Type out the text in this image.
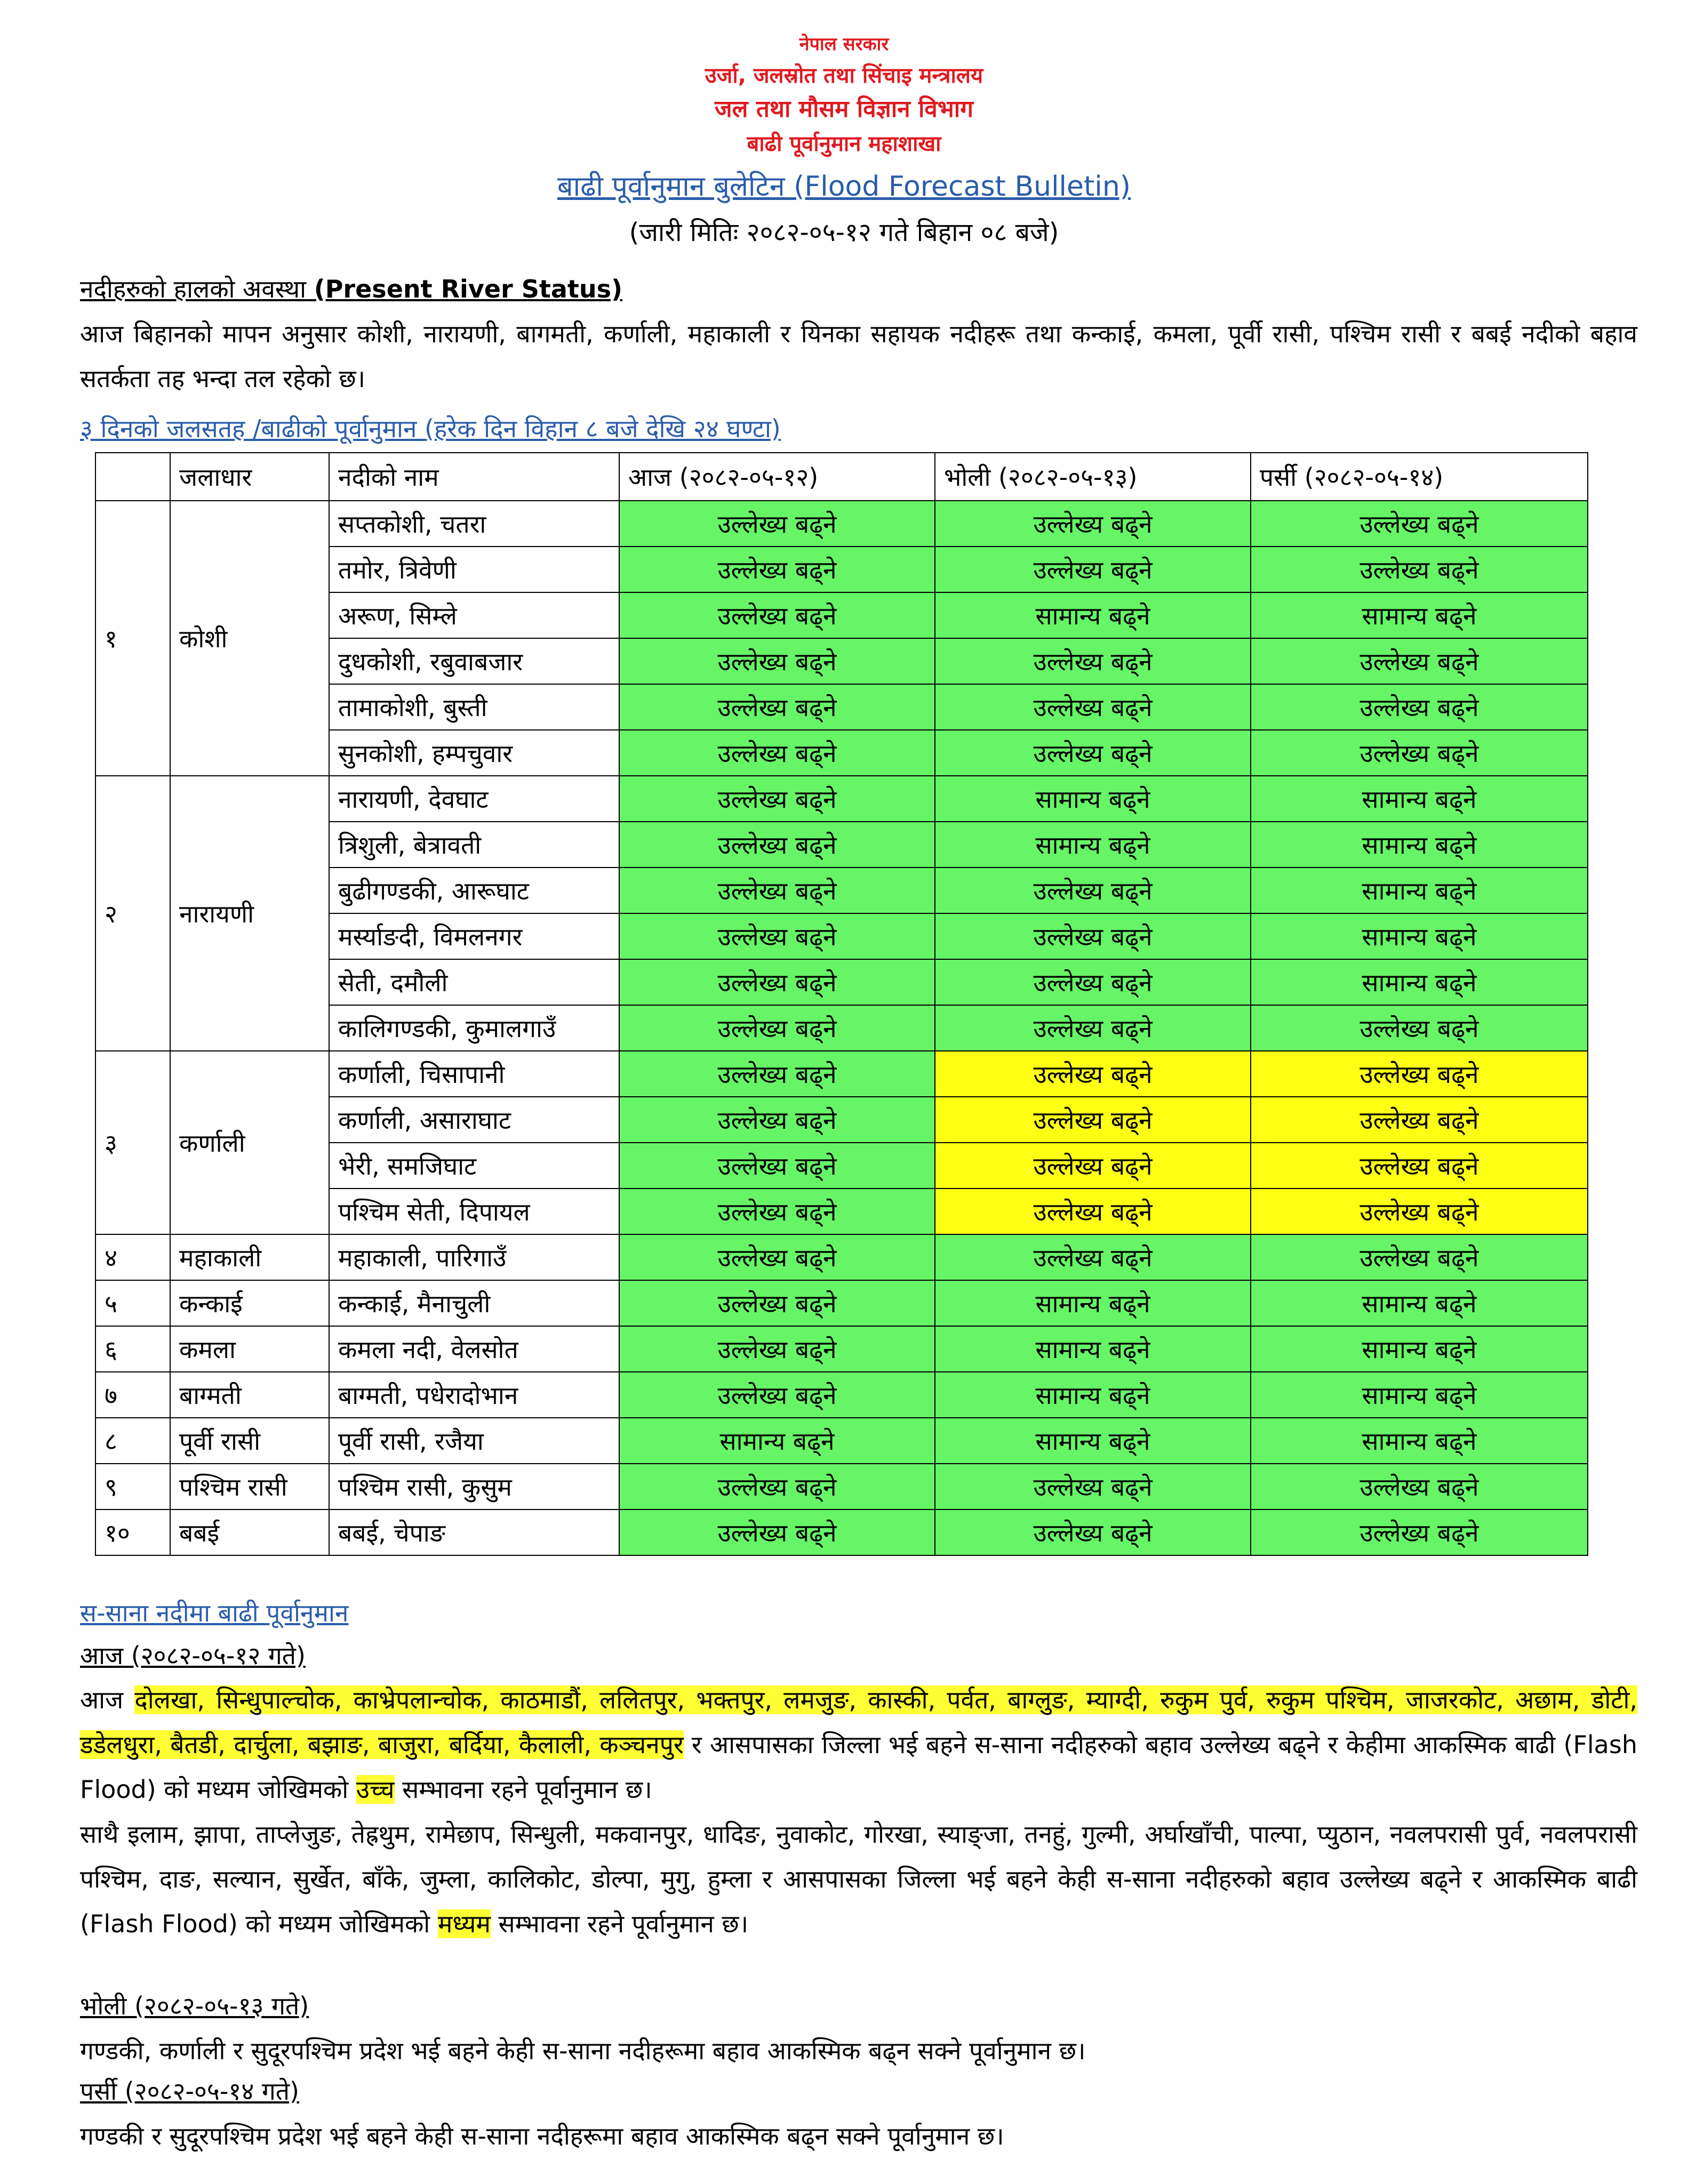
नेपाल सरकार
उर्जा, जलस्रोत तथा सिंचाइ मन्त्रालय
जल तथा मौसम विज्ञान विभाग
बाढी पूर्वानुमान महाशाखा
बाढी पूर्वानुमान बुलेटिन (Flood Forecast Bulletin)
(जारी मितिः २०८२-०५-१२ गते बिहान ०८ बजे)
नदीहरुको हालको अवस्था (Present River Status)
आज बिहानको मापन अनुसार कोशी, नारायणी, बागमती, कर्णाली, महाकाली र यिनका सहायक नदीहरू तथा कन्काई, कमला, पूर्वी रासी, पश्चिम रासी र बबई नदीको बहाव सतर्कता तह भन्दा तल रहेको छ।
३ दिनको जलसतह /बाढीको पूर्वानुमान (हरेक दिन विहान ८ बजे देखि २४ घण्टा)
	जलाधार	नदीको नाम	आज (२०८२-०५-१२)	भोली (२०८२-०५-१३)	पर्सी (२०८२-०५-१४)
१	कोशी	सप्तकोशी, चतरा	उल्लेख्य बढ्ने	उल्लेख्य बढ्ने	उल्लेख्य बढ्ने
		तमोर, त्रिवेणी	उल्लेख्य बढ्ने	उल्लेख्य बढ्ने	उल्लेख्य बढ्ने
		अरूण, सिम्ले	उल्लेख्य बढ्ने	सामान्य बढ्ने	सामान्य बढ्ने
		दुधकोशी, रबुवाबजार	उल्लेख्य बढ्ने	उल्लेख्य बढ्ने	उल्लेख्य बढ्ने
		तामाकोशी, बुस्ती	उल्लेख्य बढ्ने	उल्लेख्य बढ्ने	उल्लेख्य बढ्ने
		सुनकोशी, हम्पचुवार	उल्लेख्य बढ्ने	उल्लेख्य बढ्ने	उल्लेख्य बढ्ने
२	नारायणी	नारायणी, देवघाट	उल्लेख्य बढ्ने	सामान्य बढ्ने	सामान्य बढ्ने
		त्रिशुली, बेत्रावती	उल्लेख्य बढ्ने	सामान्य बढ्ने	सामान्य बढ्ने
		बुढीगण्डकी, आरूघाट	उल्लेख्य बढ्ने	उल्लेख्य बढ्ने	सामान्य बढ्ने
		मर्स्याङदी, विमलनगर	उल्लेख्य बढ्ने	उल्लेख्य बढ्ने	सामान्य बढ्ने
		सेती, दमौली	उल्लेख्य बढ्ने	उल्लेख्य बढ्ने	सामान्य बढ्ने
		कालिगण्डकी, कुमालगाउँ	उल्लेख्य बढ्ने	उल्लेख्य बढ्ने	उल्लेख्य बढ्ने
३	कर्णाली	कर्णाली, चिसापानी	उल्लेख्य बढ्ने	उल्लेख्य बढ्ने	उल्लेख्य बढ्ने
		कर्णाली, असाराघाट	उल्लेख्य बढ्ने	उल्लेख्य बढ्ने	उल्लेख्य बढ्ने
		भेरी, समजिघाट	उल्लेख्य बढ्ने	उल्लेख्य बढ्ने	उल्लेख्य बढ्ने
		पश्चिम सेती, दिपायल	उल्लेख्य बढ्ने	उल्लेख्य बढ्ने	उल्लेख्य बढ्ने
४	महाकाली	महाकाली, पारिगाउँ	उल्लेख्य बढ्ने	उल्लेख्य बढ्ने	उल्लेख्य बढ्ने
५	कन्काई	कन्काई, मैनाचुली	उल्लेख्य बढ्ने	सामान्य बढ्ने	सामान्य बढ्ने
६	कमला	कमला नदी, वेलसोत	उल्लेख्य बढ्ने	सामान्य बढ्ने	सामान्य बढ्ने
७	बाग्मती	बाग्मती, पधेरादोभान	उल्लेख्य बढ्ने	सामान्य बढ्ने	सामान्य बढ्ने
८	पूर्वी रासी	पूर्वी रासी, रजैया	सामान्य बढ्ने	सामान्य बढ्ने	सामान्य बढ्ने
९	पश्चिम रासी	पश्चिम रासी, कुसुम	उल्लेख्य बढ्ने	उल्लेख्य बढ्ने	उल्लेख्य बढ्ने
१०	बबई	बबई, चेपाङ	उल्लेख्य बढ्ने	उल्लेख्य बढ्ने	उल्लेख्य बढ्ने
स-साना नदीमा बाढी पूर्वानुमान
आज (२०८२-०५-१२ गते)
आज दोलखा, सिन्धुपाल्चोक, काभ्रेपलान्चोक, काठमाडौं, ललितपुर, भक्तपुर, लमजुङ, कास्की, पर्वत, बाग्लुङ, म्याग्दी, रुकुम पुर्व, रुकुम पश्चिम, जाजरकोट, अछाम, डोटी, डडेलधुरा, बैतडी, दार्चुला, बझाङ, बाजुरा, बर्दिया, कैलाली, कञ्चनपुर र आसपासका जिल्ला भई बहने स-साना नदीहरुको बहाव उल्लेख्य बढ्ने र केहीमा आकस्मिक बाढी (Flash Flood) को मध्यम जोखिमको उच्च सम्भावना रहने पूर्वानुमान छ।
साथै इलाम, झापा, ताप्लेजुङ, तेह्रथुम, रामेछाप, सिन्धुली, मकवानपुर, धादिङ, नुवाकोट, गोरखा, स्याङ्जा, तनहुं, गुल्मी, अर्घाखाँची, पाल्पा, प्युठान, नवलपरासी पुर्व, नवलपरासी पश्चिम, दाङ, सल्यान, सुर्खेत, बाँके, जुम्ला, कालिकोट, डोल्पा, मुगु, हुम्ला र आसपासका जिल्ला भई बहने केही स-साना नदीहरुको बहाव उल्लेख्य बढ्ने र आकस्मिक बाढी (Flash Flood) को मध्यम जोखिमको मध्यम सम्भावना रहने पूर्वानुमान छ।
भोली (२०८२-०५-१३ गते)
गण्डकी, कर्णाली र सुदूरपश्चिम प्रदेश भई बहने केही स-साना नदीहरूमा बहाव आकस्मिक बढ्न सक्ने पूर्वानुमान छ।
पर्सी (२०८२-०५-१४ गते)
गण्डकी र सुदूरपश्चिम प्रदेश भई बहने केही स-साना नदीहरूमा बहाव आकस्मिक बढ्न सक्ने पूर्वानुमान छ।
